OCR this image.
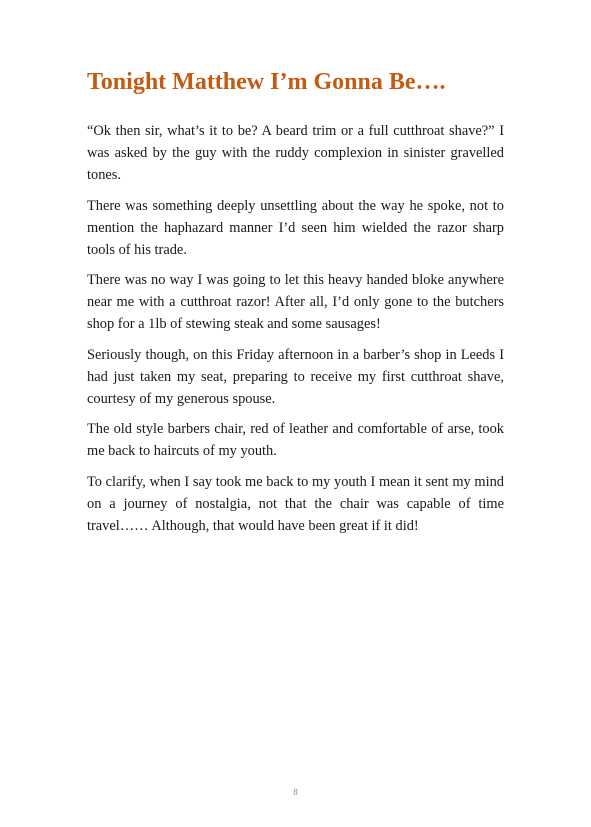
Tonight Matthew I’m Gonna Be….

“Ok then sir, what’s it to be? A beard trim or a full cutthroat shave?” I was asked by the guy with the ruddy complexion in sinister gravelled tones.

There was something deeply unsettling about the way he spoke, not to mention the haphazard manner I’d seen him wielded the razor sharp tools of his trade.

There was no way I was going to let this heavy handed bloke anywhere near me with a cutthroat razor! After all, I’d only gone to the butchers shop for a 1lb of stewing steak and some sausages!

Seriously though, on this Friday afternoon in a barber’s shop in Leeds I had just taken my seat, preparing to receive my first cutthroat shave, courtesy of my generous spouse.

The old style barbers chair, red of leather and comfortable of arse, took me back to haircuts of my youth.

To clarify, when I say took me back to my youth I mean it sent my mind on a journey of nostalgia, not that the chair was capable of time travel…… Although, that would have been great if it did!

8
